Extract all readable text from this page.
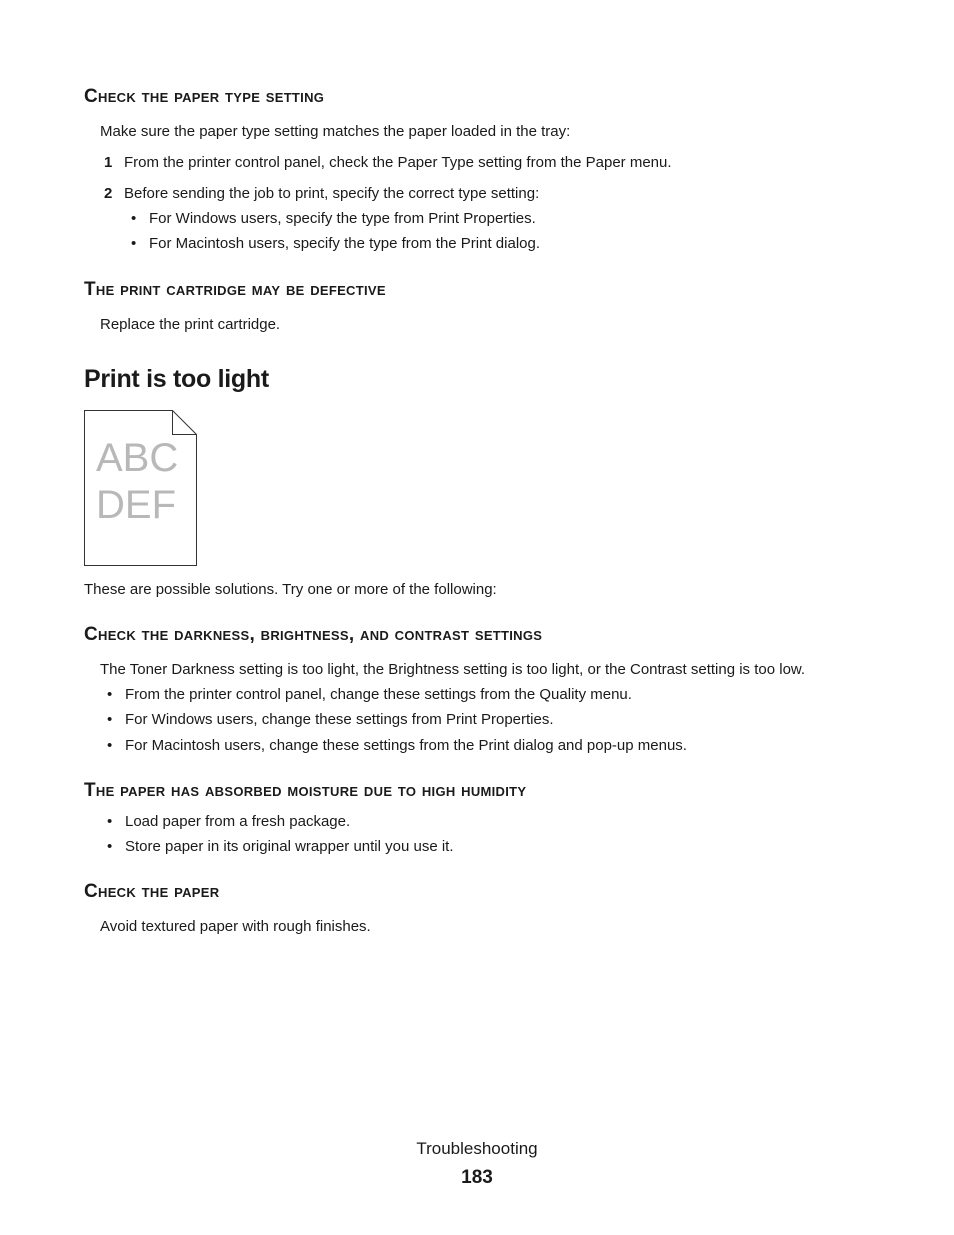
Check the paper type setting
Make sure the paper type setting matches the paper loaded in the tray:
1 From the printer control panel, check the Paper Type setting from the Paper menu.
2 Before sending the job to print, specify the correct type setting:
• For Windows users, specify the type from Print Properties.
• For Macintosh users, specify the type from the Print dialog.
The print cartridge may be defective
Replace the print cartridge.
Print is too light
ABC
DEF
These are possible solutions. Try one or more of the following:
Check the darkness, brightness, and contrast settings
The Toner Darkness setting is too light, the Brightness setting is too light, or the Contrast setting is too low.
• From the printer control panel, change these settings from the Quality menu.
• For Windows users, change these settings from Print Properties.
• For Macintosh users, change these settings from the Print dialog and pop-up menus.
The paper has absorbed moisture due to high humidity
• Load paper from a fresh package.
• Store paper in its original wrapper until you use it.
Check the paper
Avoid textured paper with rough finishes.
Troubleshooting
183
